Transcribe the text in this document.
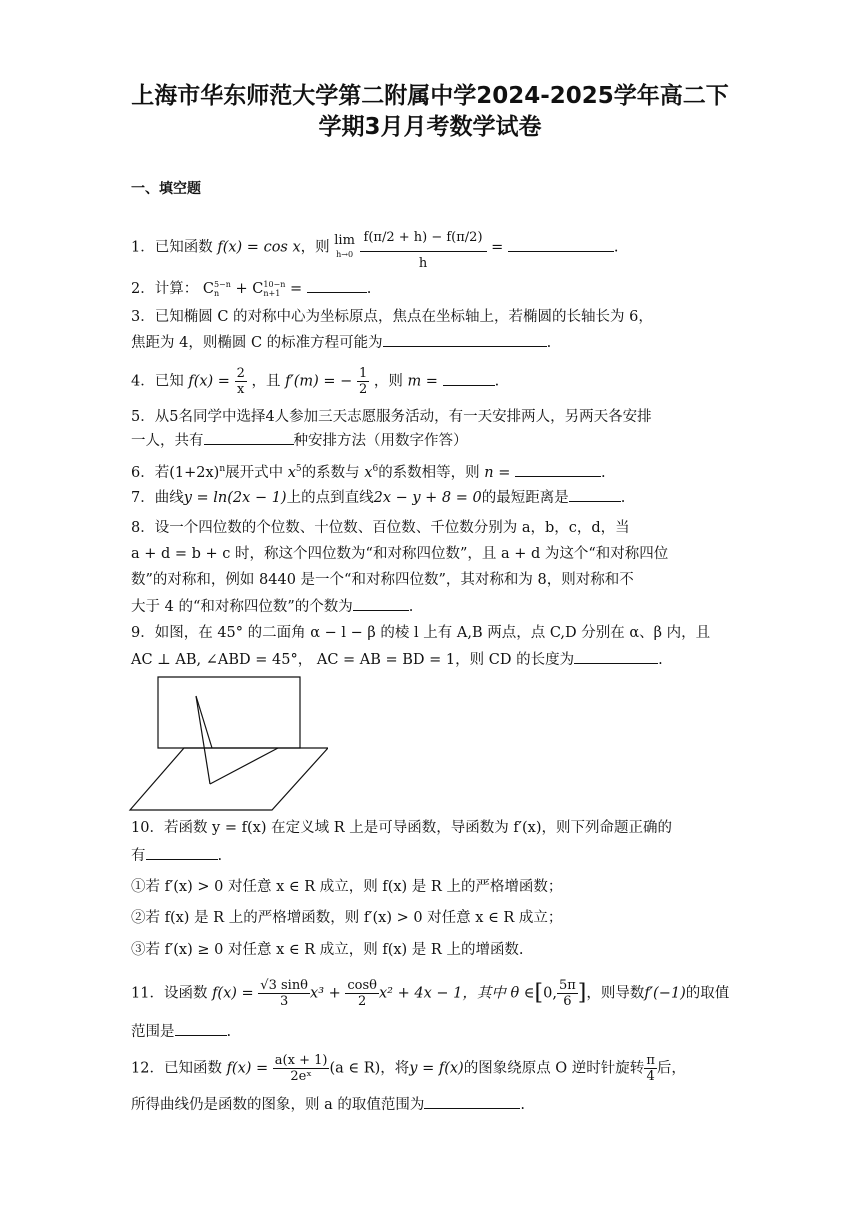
上海市华东师范大学第二附属中学2024-2025学年高二下
学期3月月考数学试卷
一、填空题
1．已知函数 f(x) = cos x，则 lim
h→0
$\frac{f(\pi/2 + h) - f(\pi/2)}{h}$ =	.
2．计算： C 5−n
n + C 10−n
n+1 =	.
3．已知椭圆 C 的对称中心为坐标原点，焦点在坐标轴上，若椭圆的长轴长为 6，
焦距为 4，则椭圆 C 的标准方程可能为	.
4．已知 $f(x) = \frac{2}{x}$ ，且 f′(m) = − $\frac{1}{2}$ ，则 m =	.
5．从5名同学中选择4人参加三天志愿服务活动，有一天安排两人，另两天各安排
一人，共有	种安排方法（用数字作答）
6．若$(1+2x)^n$展开式中 $x^5$的系数与 $x^6$的系数相等，则 n =	.
7．曲线y = ln(2x − 1)上的点到直线2x − y + 8 = 0的最短距离是	.
8．设一个四位数的个位数、十位数、百位数、千位数分别为 a，b，c，d，当
a + d = b + c 时，称这个四位数为“和对称四位数”，且 a + d 为这个“和对称四位
数”的对称和，例如 8440 是一个“和对称四位数”，其对称和为 8，则对称和不
大于 4 的“和对称四位数”的个数为	.
9．如图，在 45° 的二面角 α − l − β 的棱 l 上有 A,B 两点，点 C,D 分别在 α、β 内，且
AC ⊥ AB, ∠ABD = 45°， AC = AB = BD = 1，则 CD 的长度为	.
10．若函数 y = f(x) 在定义域 R 上是可导函数，导函数为 f′(x)，则下列命题正确的
有	.
①若 f′(x) > 0 对任意 x ∈ R 成立，则 f(x) 是 R 上的严格增函数；
②若 f(x) 是 R 上的严格增函数，则 f′(x) > 0 对任意 x ∈ R 成立；
③若 f′(x) ≥ 0 对任意 x ∈ R 成立，则 f(x) 是 R 上的增函数.
11．设函数 $f(x) = \frac{√3 \sin\theta}{3} x^3 + \frac{\cos\theta}{2} x^2 + 4x - 1$，其中 θ ∈[0, $\frac{5\pi}{6}$ ]，则导数f′(−1)的取值
范围是	.
12．已知函数 $f(x) = \frac{a(x + 1)}{\text{2eˣ}} (a$ ∈ R)，将y = f(x)的图象绕原点 O 逆时针旋转 $\frac{\pi}{4}$ 后，
所得曲线仍是函数的图象，则 a 的取值范围为	.
